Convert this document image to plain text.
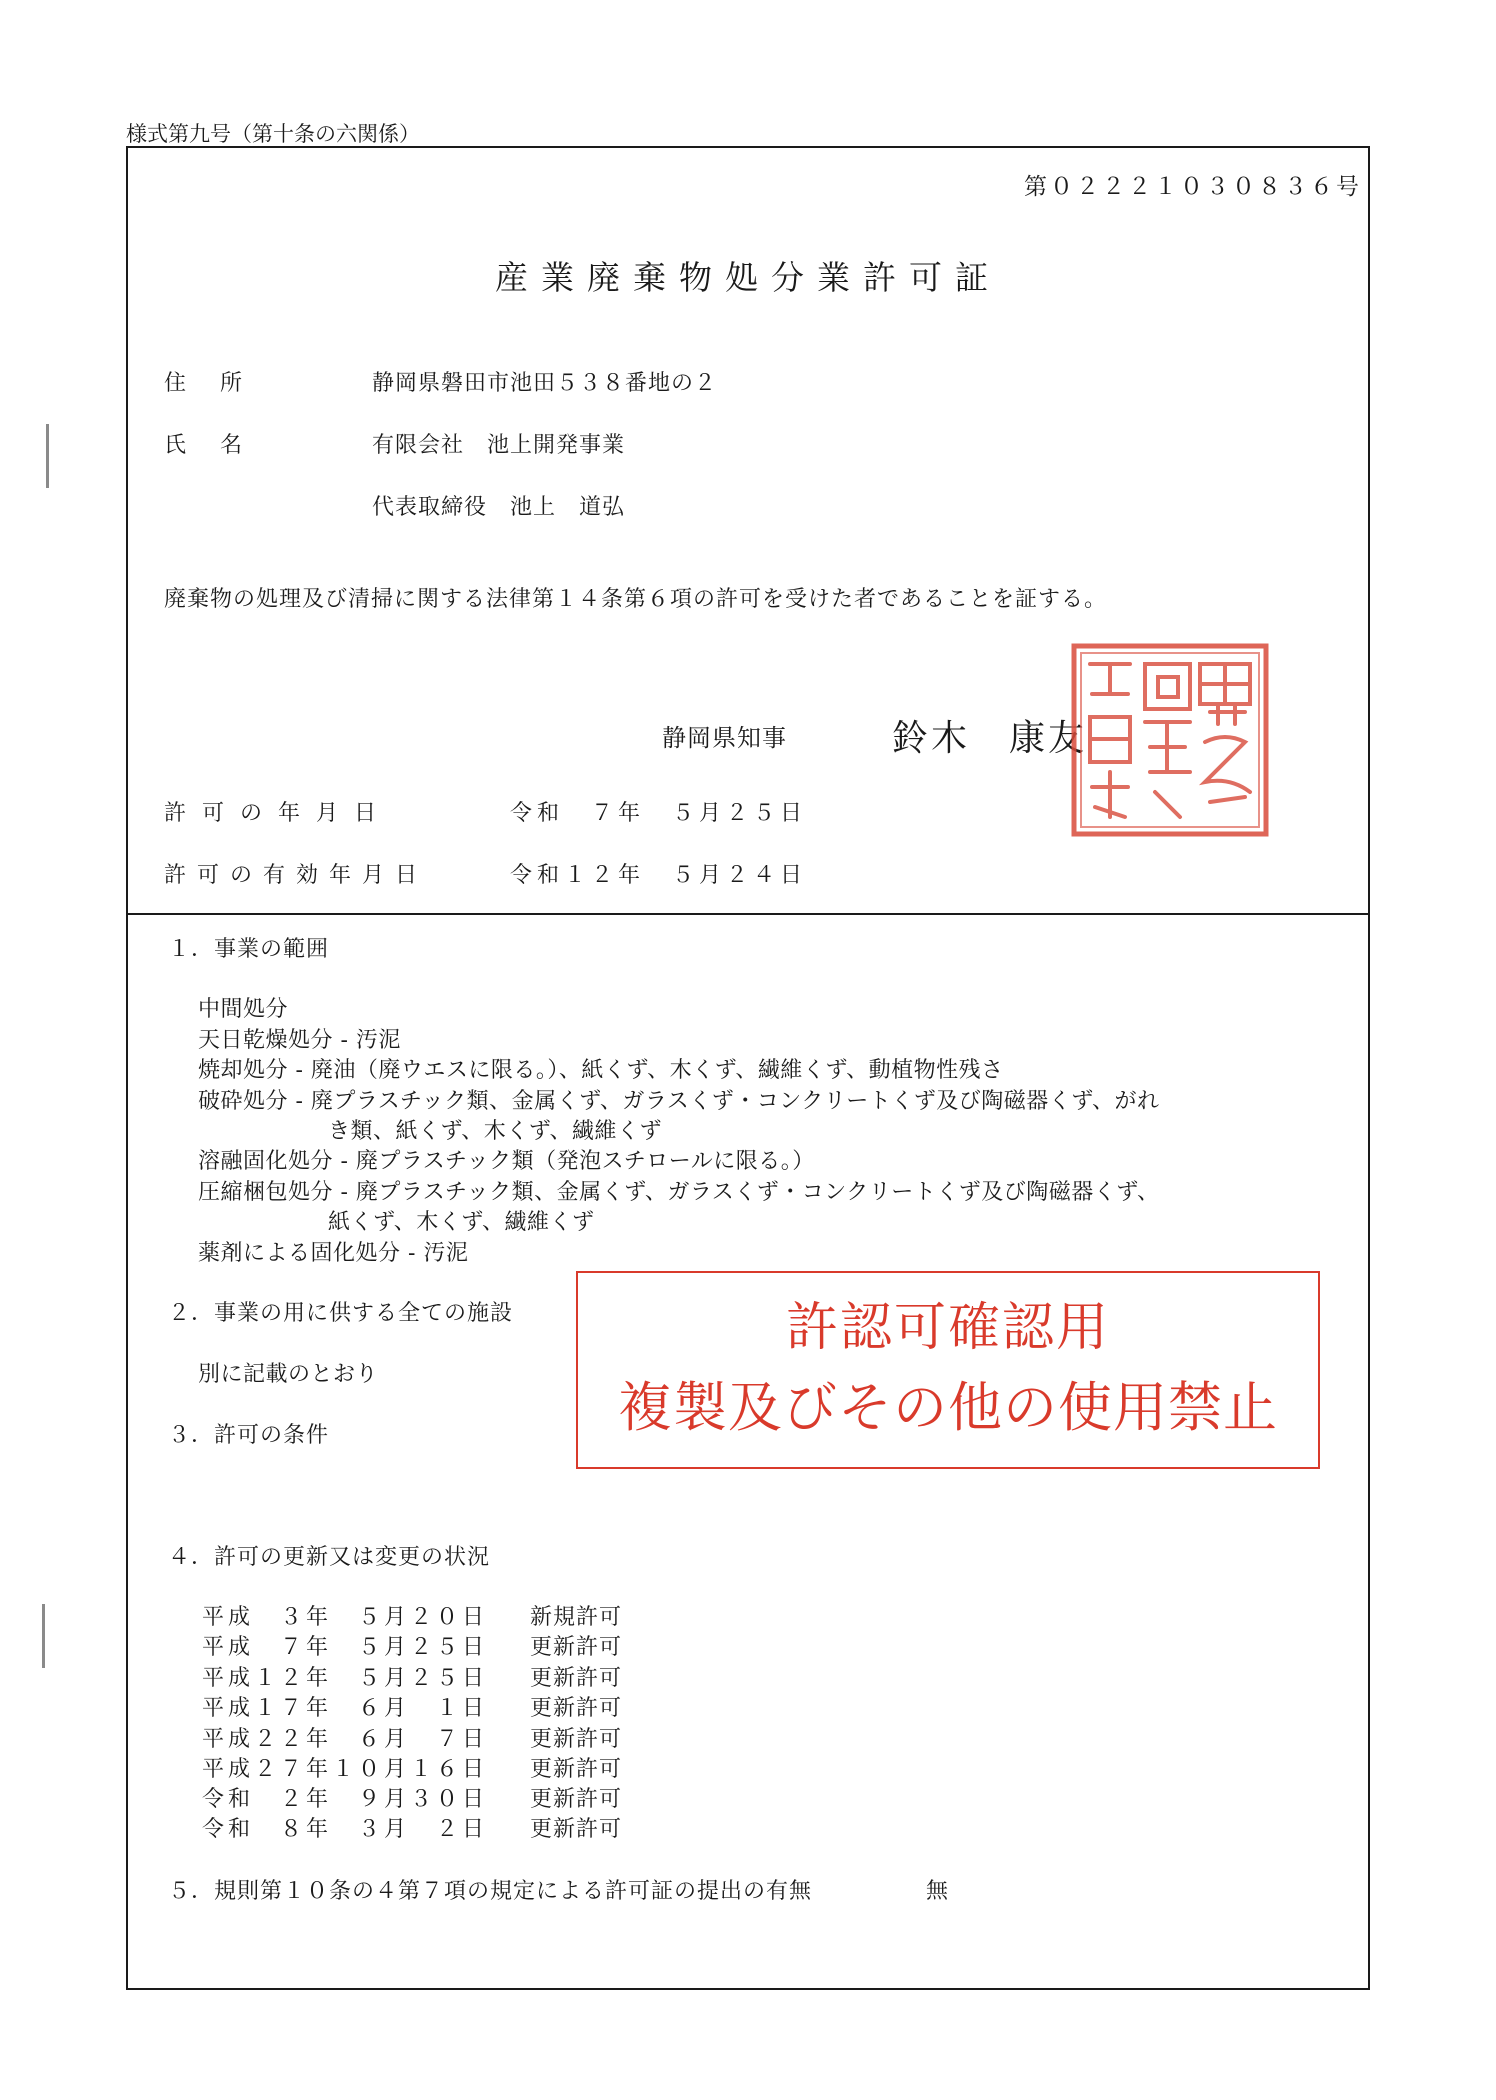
様式第九号（第十条の六関係）
第０２２２１０３０８３６号
産業廃棄物処分業許可証
住所	静岡県磐田市池田５３８番地の２
氏名	有限会社　池上開発事業
代表取締役　池上　道弘
廃棄物の処理及び清掃に関する法律第１４条第６項の許可を受けた者であることを証する。
静岡県知事	鈴木　康友
許可の年月日	令和　７年　５月２５日
許可の有効年月日	令和１２年　５月２４日
１．事業の範囲
中間処分
天日乾燥処分 - 汚泥
焼却処分 - 廃油（廃ウエスに限る。）、紙くず、木くず、繊維くず、動植物性残さ
破砕処分 - 廃プラスチック類、金属くず、ガラスくず・コンクリートくず及び陶磁器くず、がれ
き類、紙くず、木くず、繊維くず
溶融固化処分 - 廃プラスチック類（発泡スチロールに限る。）
圧縮梱包処分 - 廃プラスチック類、金属くず、ガラスくず・コンクリートくず及び陶磁器くず、
紙くず、木くず、繊維くず
薬剤による固化処分 - 汚泥
２．事業の用に供する全ての施設
別に記載のとおり
３．許可の条件
４．許可の更新又は変更の状況
平成　３年　５月２０日 新規許可
平成　７年　５月２５日 更新許可
平成１２年　５月２５日 更新許可
平成１７年　６月　１日 更新許可
平成２２年　６月　７日 更新許可
平成２７年１０月１６日 更新許可
令和　２年　９月３０日 更新許可
令和　８年　３月　２日 更新許可
５．規則第１０条の４第７項の規定による許可証の提出の有無	無
許認可確認用
複製及びその他の使用禁止
